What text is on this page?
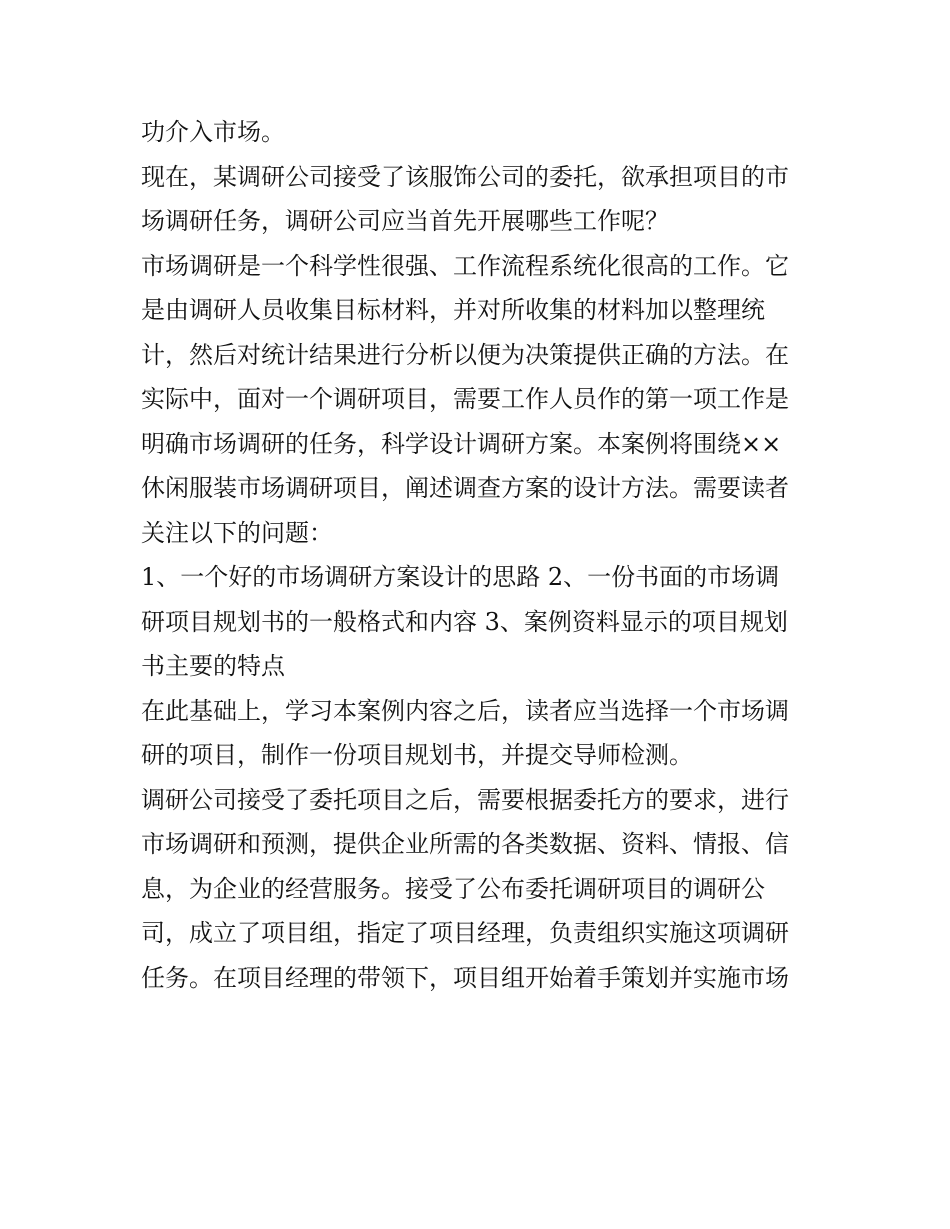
功介入市场。
现在，某调研公司接受了该服饰公司的委托，欲承担项目的市
场调研任务，调研公司应当首先开展哪些工作呢？
市场调研是一个科学性很强、工作流程系统化很高的工作。它
是由调研人员收集目标材料，并对所收集的材料加以整理统
计，然后对统计结果进行分析以便为决策提供正确的方法。在
实际中，面对一个调研项目，需要工作人员作的第一项工作是
明确市场调研的任务，科学设计调研方案。本案例将围绕××
休闲服装市场调研项目，阐述调查方案的设计方法。需要读者
关注以下的问题：
1、一个好的市场调研方案设计的思路 2、一份书面的市场调
研项目规划书的一般格式和内容 3、案例资料显示的项目规划
书主要的特点
在此基础上，学习本案例内容之后，读者应当选择一个市场调
研的项目，制作一份项目规划书，并提交导师检测。
调研公司接受了委托项目之后，需要根据委托方的要求，进行
市场调研和预测，提供企业所需的各类数据、资料、情报、信
息，为企业的经营服务。接受了公布委托调研项目的调研公
司，成立了项目组，指定了项目经理，负责组织实施这项调研
任务。在项目经理的带领下，项目组开始着手策划并实施市场
